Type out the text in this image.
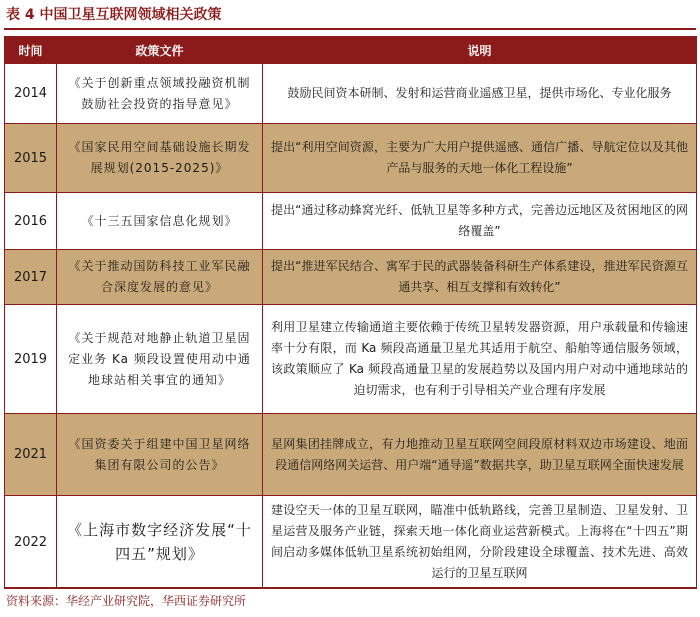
表 4 中国卫星互联网领域相关政策
时间	政策文件	说明
2014	《关于创新重点领域投融资机制鼓励社会投资的指导意见》	鼓励民间资本研制、发射和运营商业遥感卫星，提供市场化、专业化服务
2015	《国家民用空间基础设施长期发展规划(2015-2025)》	提出“利用空间资源，主要为广大用户提供遥感、通信广播、导航定位以及其他产品与服务的天地一体化工程设施”
2016	《十三五国家信息化规划》	提出“通过移动蜂窝光纤、低轨卫星等多种方式，完善边远地区及贫困地区的网络覆盖”
2017	《关于推动国防科技工业军民融合深度发展的意见》	提出“推进军民结合、寓军于民的武器装备科研生产体系建设，推进军民资源互通共享、相互支撑和有效转化”
2019	《关于规范对地静止轨道卫星固定业务 Ka 频段设置使用动中通地球站相关事宜的通知》	利用卫星建立传输通道主要依赖于传统卫星转发器资源，用户承载量和传输速率十分有限，而 Ka 频段高通量卫星尤其适用于航空、船舶等通信服务领域，该政策顺应了 Ka 频段高通量卫星的发展趋势以及国内用户对动中通地球站的迫切需求，也有利于引导相关产业合理有序发展
2021	《国资委关于组建中国卫星网络集团有限公司的公告》	星网集团挂牌成立，有力地推动卫星互联网空间段原材料双边市场建设、地面段通信网络网关运营、用户端“通导遥”数据共享，助卫星互联网全面快速发展
2022	《上海市数字经济发展“十四五”规划》	建设空天一体的卫星互联网，瞄准中低轨路线，完善卫星制造、卫星发射、卫星运营及服务产业链，探索天地一体化商业运营新模式。上海将在“十四五”期间启动多媒体低轨卫星系统初始组网，分阶段建设全球覆盖、技术先进、高效运行的卫星互联网
资料来源：华经产业研究院，华西证券研究所
